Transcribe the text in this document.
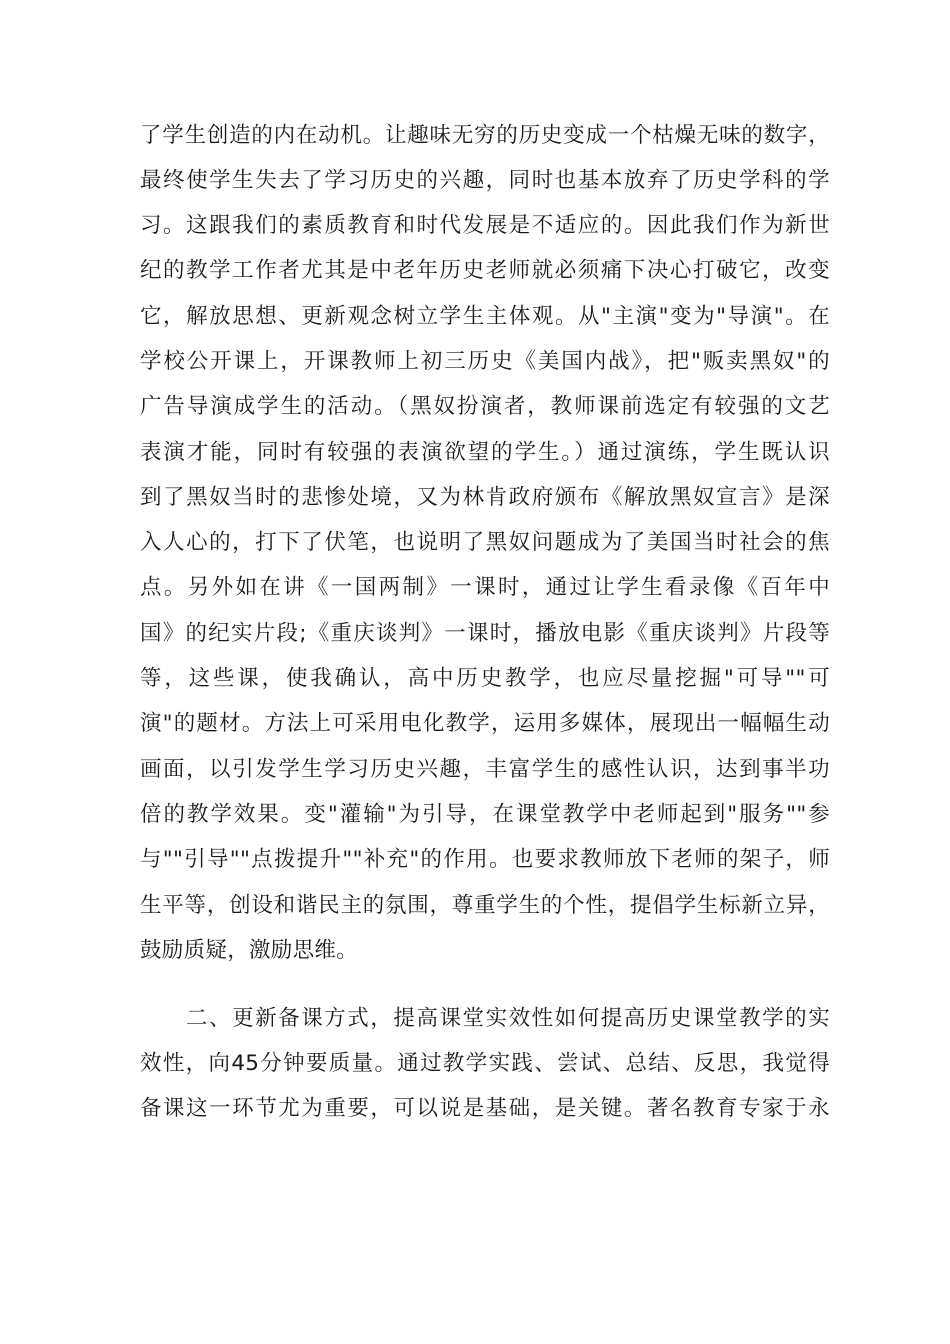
了学生创造的内在动机。让趣味无穷的历史变成一个枯燥无味的数字，
最终使学生失去了学习历史的兴趣，同时也基本放弃了历史学科的学
习。这跟我们的素质教育和时代发展是不适应的。因此我们作为新世
纪的教学工作者尤其是中老年历史老师就必须痛下决心打破它，改变
它，解放思想、更新观念树立学生主体观。从"主演"变为"导演"。在
学校公开课上，开课教师上初三历史《美国内战》，把"贩卖黑奴"的
广告导演成学生的活动。（黑奴扮演者，教师课前选定有较强的文艺
表演才能，同时有较强的表演欲望的学生。）通过演练，学生既认识
到了黑奴当时的悲惨处境，又为林肯政府颁布《解放黑奴宣言》是深
入人心的，打下了伏笔，也说明了黑奴问题成为了美国当时社会的焦
点。另外如在讲《一国两制》一课时，通过让学生看录像《百年中
国》的纪实片段;《重庆谈判》一课时，播放电影《重庆谈判》片段等
等，这些课，使我确认，高中历史教学，也应尽量挖掘"可导""可
演"的题材。方法上可采用电化教学，运用多媒体，展现出一幅幅生动
画面，以引发学生学习历史兴趣，丰富学生的感性认识，达到事半功
倍的教学效果。变"灌输"为引导，在课堂教学中老师起到"服务""参
与""引导""点拨提升""补充"的作用。也要求教师放下老师的架子，师
生平等，创设和谐民主的氛围，尊重学生的个性，提倡学生标新立异，
鼓励质疑，激励思维。
二、更新备课方式，提高课堂实效性如何提高历史课堂教学的实
效性，向45分钟要质量。通过教学实践、尝试、总结、反思，我觉得
备课这一环节尤为重要，可以说是基础，是关键。著名教育专家于永
